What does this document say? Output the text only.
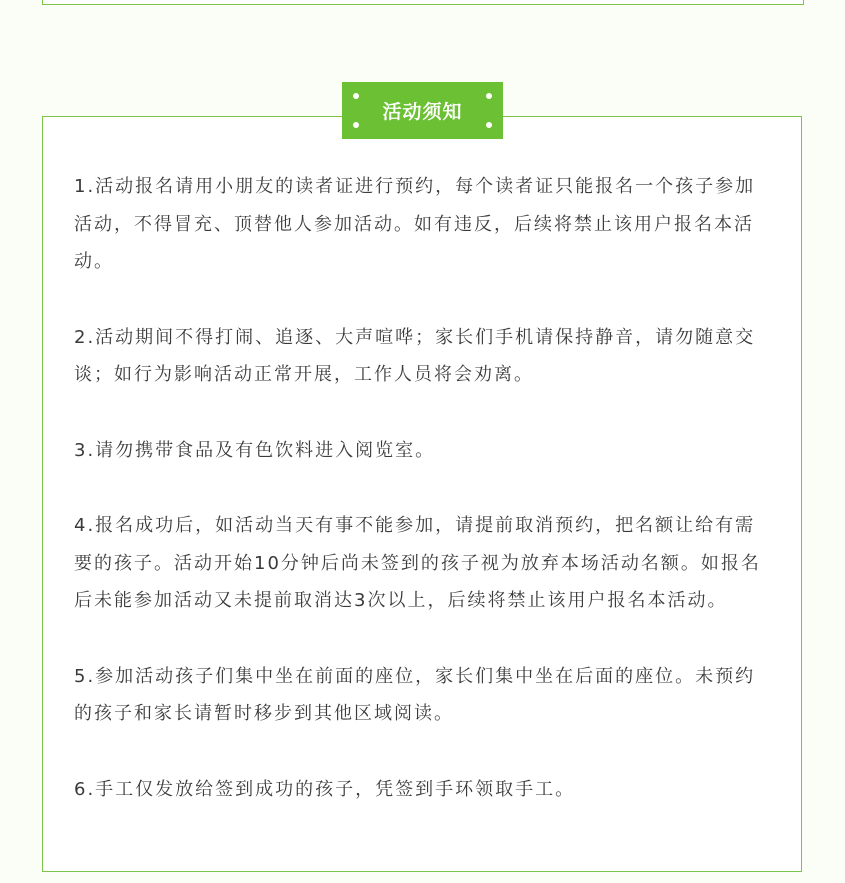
活动须知

1.活动报名请用小朋友的读者证进行预约，每个读者证只能报名一个孩子参加活动，不得冒充、顶替他人参加活动。如有违反，后续将禁止该用户报名本活动。

2.活动期间不得打闹、追逐、大声喧哗；家长们手机请保持静音，请勿随意交谈；如行为影响活动正常开展，工作人员将会劝离。

3.请勿携带食品及有色饮料进入阅览室。

4.报名成功后，如活动当天有事不能参加，请提前取消预约，把名额让给有需要的孩子。活动开始10分钟后尚未签到的孩子视为放弃本场活动名额。如报名后未能参加活动又未提前取消达3次以上，后续将禁止该用户报名本活动。

5.参加活动孩子们集中坐在前面的座位，家长们集中坐在后面的座位。未预约的孩子和家长请暂时移步到其他区域阅读。

6.手工仅发放给签到成功的孩子，凭签到手环领取手工。
